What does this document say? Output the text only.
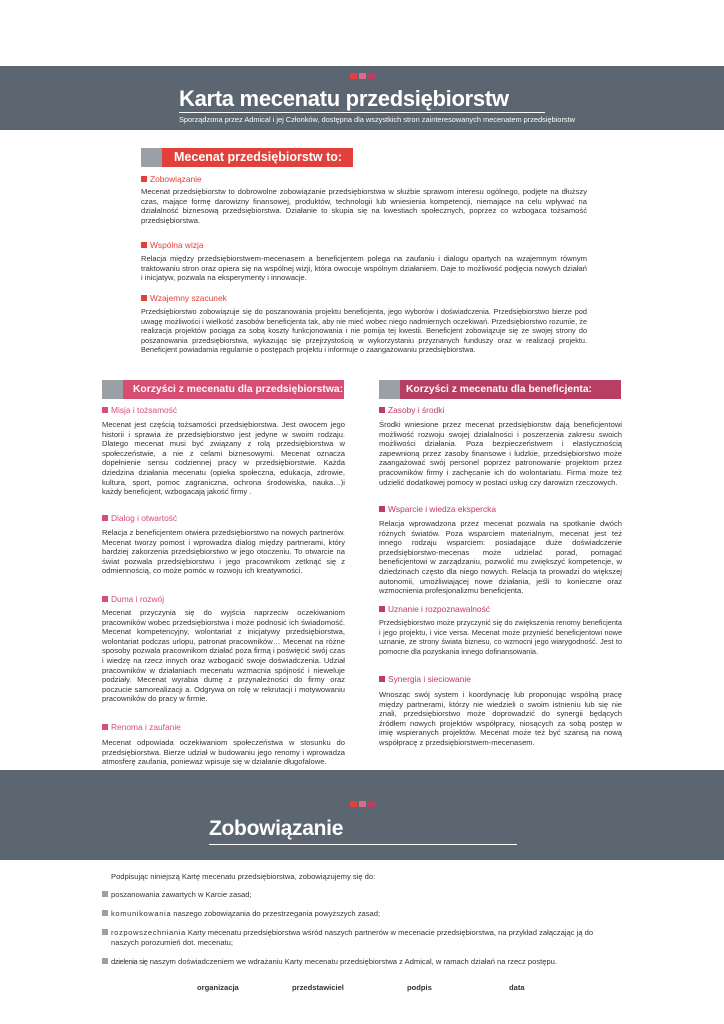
Karta mecenatu przedsiębiorstw
Sporządzona przez Admical i jej Członków, dostępna dla wszystkich stron zainteresowanych mecenatem przedsiębiorstw
Mecenat przedsiębiorstw to:
Zobowiązanie
Mecenat przedsiębiorstw to dobrowolne zobowiązanie przedsiębiorstwa w służbie sprawom interesu ogólnego, podjęte na dłuższy czas, mające formę darowizny finansowej, produktów, technologii lub wniesienia kompetencji, niemające na celu wpływać na działalność biznesową przedsiębiorstwa. Działanie to skupia się na kwestiach społecznych, poprzez co wzbogaca tożsamość przedsiębiorstwa.
Wspólna wizja
Relacja między przedsiębiorstwem-mecenasem a beneficjentem polega na zaufaniu i dialogu opartych na wzajemnym równym traktowaniu stron oraz opiera się na wspólnej wizji, która owocuje wspólnym działaniem. Daje to możliwość podjęcia nowych działań i inicjatyw, pozwala na eksperymenty i innowacje.
Wzajemny szacunek
Przedsiębiorstwo zobowiązuje się do poszanowania projektu beneficjenta, jego wyborów i doświadczenia. Przedsiębiorstwo bierze pod uwagę możliwości i wielkość zasobów beneficjenta tak, aby nie mieć wobec niego nadmiernych oczekiwań. Przedsiębiorstwo rozumie, że realizacja projektów pociąga za sobą koszty funkcjonowania i nie pomija tej kwestii. Beneficjent zobowiązuje się ze swojej strony do poszanowania przedsiębiorstwa, wykazując się przejrzystością w wykorzystaniu przyznanych funduszy oraz w realizacji projektu. Beneficjent powiadamia regularnie o postępach projektu i informuje o zaangażowaniu przedsiębiorstwa.
Korzyści z mecenatu dla przedsiębiorstwa:
Misja i tożsamość
Mecenat jest częścią tożsamości przedsiębiorstwa. Jest owocem jego historii i sprawia że przedsiębiorstwo jest jedyne w swoim rodzaju. Dlatego mecenat musi być związany z rolą przedsiębiorstwa w społeczeństwie, a nie z celami biznesowymi. Mecenat oznacza dopełnienie sensu codziennej pracy w przedsiębiorstwie. Każda dziedzina działania mecenatu (opieka społeczna, edukacja, zdrowie, kultura, sport, pomoc zagraniczna, ochrona środowiska, nauka…)i każdy beneficjent, wzbogacają jakość firmy .
Dialog i otwartość
Relacja z beneficjentem otwiera przedsiębiorstwo na nowych partnerów. Mecenat tworzy pomost i wprowadza dialog między partnerami, który bardziej zakorzenia przedsiębiorstwo w jego otoczeniu. To otwarcie na świat pozwala przedsiębiorstwu i jego pracownikom zetknąć się z odmiennością, co może pomóc w rozwoju ich kreatywności.
Duma i rozwój
Mecenat przyczynia się do wyjścia naprzeciw oczekiwaniom pracowników wobec przedsiębiorstwa i może podnosić ich świadomość. Mecenat kompetencyjny, wolontariat z inicjatywy przedsiębiorstwa, wolontariat podczas urlopu, patronat pracowników… Mecenat na różne sposoby pozwala pracownikom działać poza firmą i poświęcić swój czas i wiedzę na rzecz innych oraz wzbogacić swoje doświadczenia. Udział pracowników w działaniach mecenatu wzmacnia spójność i nieweluje podziały. Mecenat wyrabia dumę z przynależności do firmy oraz poczucie samorealizacji a. Odgrywa on rolę w rekrutacji i motywowaniu pracowników do pracy w firmie.
Renoma i zaufanie
Mecenat odpowiada oczekiwaniom społeczeństwa w stosunku do przedsiębiorstwa. Bierze udział w budowaniu jego renomy i wprowadza atmosferę zaufania, ponieważ wpisuje się w działanie długofalowe.
Korzyści z mecenatu dla beneficjenta:
Zasoby i środki
Środki wniesione przez mecenat przedsiębiorstw dają beneficjentowi możliwość rozwoju swojej działalności i poszerzenia zakresu swoich możliwości działania. Poza bezpieczeństwem i elastycznością zapewnioną przez zasoby finansowe i ludzkie, przedsiębiorstwo może zaangażować swój personel poprzez patronowanie projektom przez pracowników firmy i zachęcanie ich do wolontariatu. Firma może też udzielić dodatkowej pomocy w postaci usług czy darowizn rzeczowych.
Wsparcie i wiedza ekspercka
Relacja wprowadzona przez mecenat pozwala na spotkanie dwóch różnych światów. Poza wsparciem materialnym, mecenat jest też innego rodzaju wsparciem: posiadające duże doświadczenie przedsiębiorstwo-mecenas może udzielać porad, pomagać beneficjentowi w zarządzaniu, pozwolić mu zwiększyć kompetencje, w dziedzinach często dla niego nowych. Relacja ta prowadzi do większej autonomii, umożliwiającej nowe działania, jeśli to konieczne oraz wzmocnienia profesjonalizmu beneficjenta.
Uznanie i rozpoznawalność
Przedsiębiorstwo może przyczynić się do zwiększenia renomy beneficjenta i jego projektu, i vice versa. Mecenat może przynieść beneficjentowi nowe uznanie, ze strony świata biznesu, co wzmocni jego wiarygodność. Jest to pomocne dla pozyskania innego dofinansowania.
Synergia i sieciowanie
Wnosząc swój system i koordynację lub proponując wspólną pracę między partnerami, którzy nie wiedzieli o swoim istnieniu lub się nie znali, przedsiębiorstwo może doprowadzić do synergii będących źródłem nowych projektów współpracy, niosących za sobą postęp w imię wspieranych projektów. Mecenat może też być szansą na nową współpracę z przedsiębiorstwem-mecenasem.
Zobowiązanie
Podpisując niniejszą Kartę mecenatu przedsiębiorstwa, zobowiązujemy się do:
poszanowania zawartych w Karcie zasad;
komunikowania naszego zobowiązania do przestrzegania powyższych zasad;
rozpowszechniania Karty mecenatu przedsiębiorstwa wśród naszych partnerów w mecenacie przedsiębiorstwa, na przykład załączając ją do
naszych porozumień dot. mecenatu;
dzielenia się naszym doświadczeniem we wdrażaniu Karty mecenatu przedsiębiorstwa z Admical, w ramach działań na rzecz postępu.
organizacja	przedstawiciel	podpis	data
